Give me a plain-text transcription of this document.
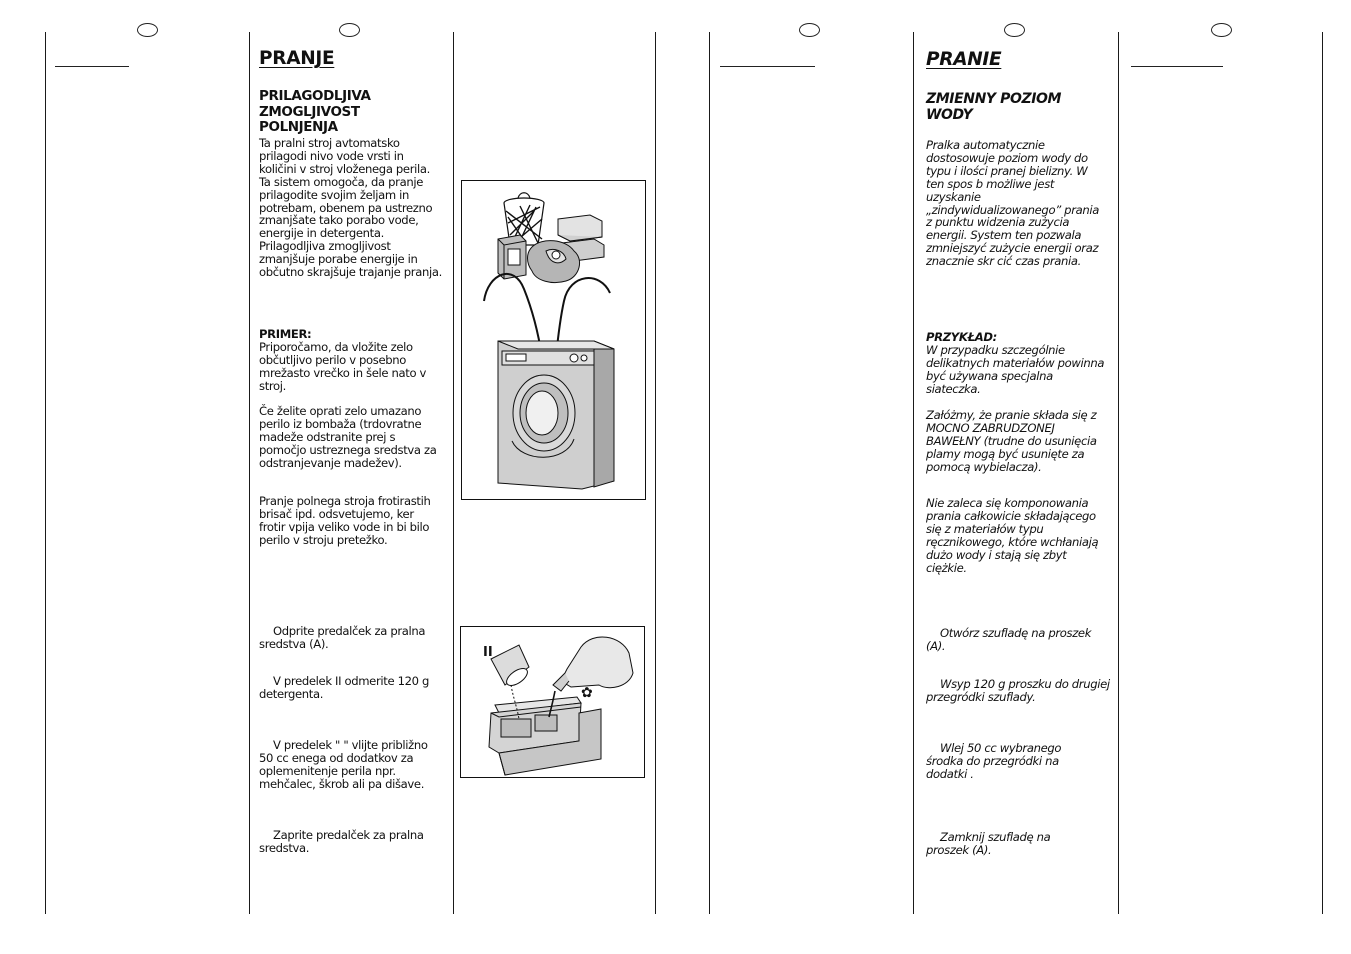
PRANJE
PRILAGODLJIVA ZMOGLJIVOST POLNJENJA

Ta pralni stroj avtomatsko prilagodi nivo vode vrsti in količini v stroj vloženega perila. Ta sistem omogoča, da pranje prilagodite svojim željam in potrebam, obenem pa ustrezno zmanjšate tako porabo vode, energije in detergenta. Prilagodljiva zmogljivost zmanjšuje porabe energije in občutno skrajšuje trajanje pranja.

PRIMER:
Priporočamo, da vložite zelo občutljivo perilo v posebno mrežasto vrečko in šele nato v stroj.

Če želite oprati zelo umazano perilo iz bombaža (trdovratne madeže odstranite prej s pomočjo ustreznega sredstva za odstranjevanje madežev).

Pranje polnega stroja frotirastih brisač ipd. odsvetujemo, ker frotir vpija veliko vode in bi bilo perilo v stroju pretežko.

Odprite predalček za pralna sredstva (A).

V predelek II odmerite 120 g detergenta.

V predelek " " vlijte približno 50 cc enega od dodatkov za oplemenitenje perila npr. mehčalec, škrob ali pa dišave.

Zaprite predalček za pralna sredstva.

II
✿
PRANIE
ZMIENNY POZIOM WODY

Pralka automatycznie dostosowuje poziom wody do typu i ilości pranej bielizny. W ten spos b możliwe jest uzyskanie „zindywidualizowanego” prania z punktu widzenia zużycia energii. System ten pozwala zmniejszyć zużycie energii oraz znacznie skr cić czas prania.

PRZYKŁAD:
W przypadku szczególnie delikatnych materiałów powinna być używana specjalna siateczka.

Załóżmy, że pranie składa się z MOCNO ZABRUDZONEJ BAWEŁNY (trudne do usunięcia plamy mogą być usunięte za pomocą wybielacza).

Nie zaleca się komponowania prania całkowicie składającego się z materiałów typu ręcznikowego, które wchłaniają dużo wody i stają się zbyt ciężkie.

Otwórz szufladę na proszek (A).

Wsyp 120 g proszku do drugiej przegródki szuflady.

Wlej 50 cc wybranego środka do przegródki na dodatki .

Zamknij szufladę na proszek (A).
